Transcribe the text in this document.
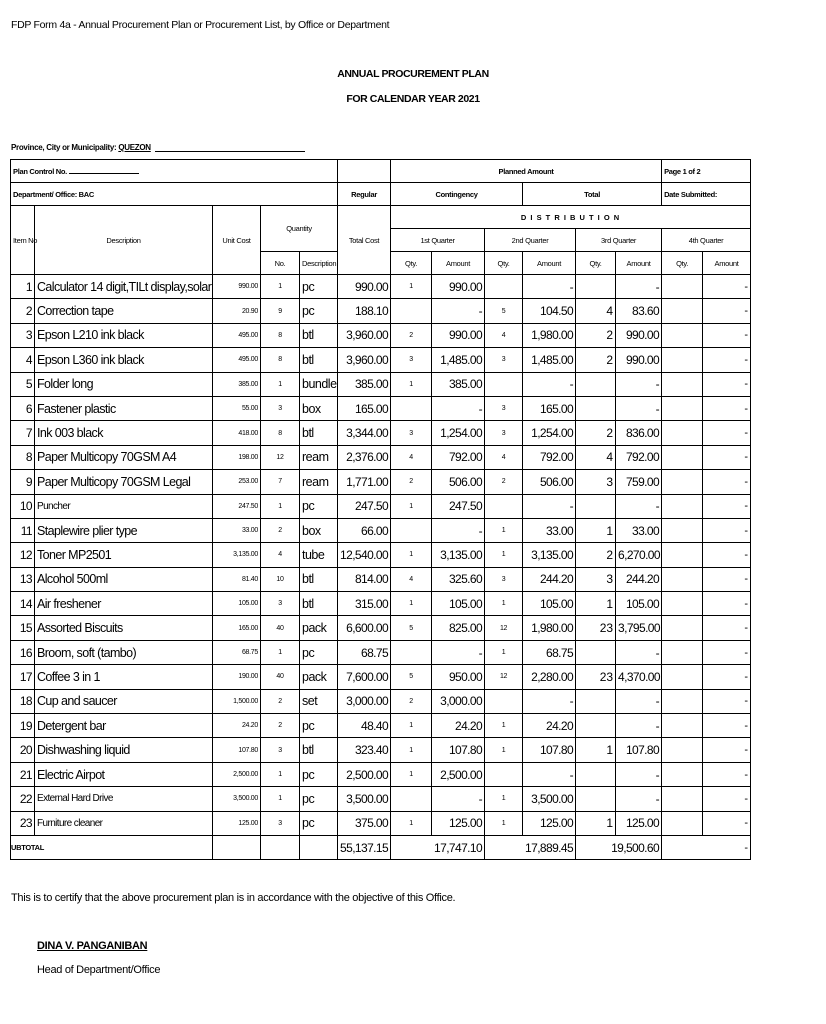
FDP Form 4a - Annual Procurement Plan or Procurement List, by Office or Department
ANNUAL PROCUREMENT PLAN
FOR CALENDAR YEAR 2021
Province, City or Municipality: QUEZON
Plan Control No.						Planned Amount						Page 1 of 2	
Department/ Office: BAC					Regular	Contingency			Total			Date Submitted:	
Item No	Description	Unit Cost	Quantity		Total Cost	D I S T R I B U T I O N							
						1st Quarter		2nd Quarter		3rd Quarter		4th Quarter	
			No.	Description		Qty.	Amount	Qty.	Amount	Qty.	Amount	Qty.	Amount
1	Calculator 14 digit,TILt display,solar	990.00	1	pc	990.00	1	990.00		-		-		-
2	Correction tape	20.90	9	pc	188.10		-	5	104.50	4	83.60		-
3	Epson L210 ink black	495.00	8	btl	3,960.00	2	990.00	4	1,980.00	2	990.00		-
4	Epson L360 ink black	495.00	8	btl	3,960.00	3	1,485.00	3	1,485.00	2	990.00		-
5	Folder long	385.00	1	bundle	385.00	1	385.00		-		-		-
6	Fastener plastic	55.00	3	box	165.00		-	3	165.00		-		-
7	Ink 003 black	418.00	8	btl	3,344.00	3	1,254.00	3	1,254.00	2	836.00		-
8	Paper Multicopy 70GSM A4	198.00	12	ream	2,376.00	4	792.00	4	792.00	4	792.00		-
9	Paper Multicopy 70GSM Legal	253.00	7	ream	1,771.00	2	506.00	2	506.00	3	759.00		-
10	Puncher	247.50	1	pc	247.50	1	247.50		-		-		-
11	Staplewire plier type	33.00	2	box	66.00		-	1	33.00	1	33.00		-
12	Toner MP2501	3,135.00	4	tube	12,540.00	1	3,135.00	1	3,135.00	2	6,270.00		-
13	Alcohol 500ml	81.40	10	btl	814.00	4	325.60	3	244.20	3	244.20		-
14	Air freshener	105.00	3	btl	315.00	1	105.00	1	105.00	1	105.00		-
15	Assorted Biscuits	165.00	40	pack	6,600.00	5	825.00	12	1,980.00	23	3,795.00		-
16	Broom, soft (tambo)	68.75	1	pc	68.75		-	1	68.75		-		-
17	Coffee 3 in 1	190.00	40	pack	7,600.00	5	950.00	12	2,280.00	23	4,370.00		-
18	Cup and saucer	1,500.00	2	set	3,000.00	2	3,000.00		-		-		-
19	Detergent bar	24.20	2	pc	48.40	1	24.20	1	24.20		-		-
20	Dishwashing liquid	107.80	3	btl	323.40	1	107.80	1	107.80	1	107.80		-
21	Electric Airpot	2,500.00	1	pc	2,500.00	1	2,500.00		-		-		-
22	External Hard Drive	3,500.00	1	pc	3,500.00		-	1	3,500.00		-		-
23	Furniture cleaner	125.00	3	pc	375.00	1	125.00	1	125.00	1	125.00		-
UBTOTAL					55,137.15	17,747.10		17,889.45		19,500.60		-	
This is to certify that the above procurement plan is in accordance with the objective of this Office.
DINA V. PANGANIBAN
Head of Department/Office
